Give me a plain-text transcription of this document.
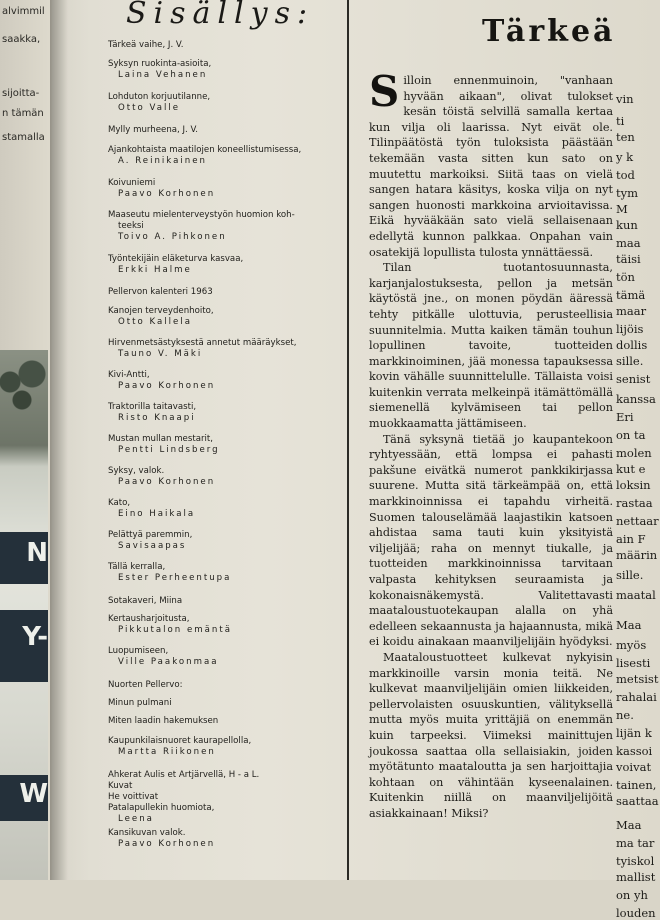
alvimmil
saakka,
sijoitta-
n tämän
stamalla
N
Y-
W
Sisällys:
Tärkeä vaihe, J. V.
Syksyn ruokinta-asioita,
Laina Vehanen
Lohduton korjuutilanne,
Otto Valle
Mylly murheena, J. V.
Ajankohtaista maatilojen koneellistumisessa,
A. Reinikainen
Koivuniemi
Paavo Korhonen
Maaseutu mielenterveystyön huomion koh-
teeksi
Toivo A. Pihkonen
Työntekijäin eläketurva kasvaa,
Erkki Halme
Pellervon kalenteri 1963
Kanojen terveydenhoito,
Otto Kallela
Hirvenmetsästyksestä annetut määräykset,
Tauno V. Mäki
Kivi-Antti,
Paavo Korhonen
Traktorilla taitavasti,
Risto Knaapi
Mustan mullan mestarit,
Pentti Lindsberg
Syksy, valok.
Paavo Korhonen
Kato,
Eino Haikala
Pelättyä paremmin,
Savisaapas
Tällä kerralla,
Ester Perheentupa
Sotakaveri, Miina
Kertausharjoitusta,
Pikkutalon emäntä
Luopumiseen,
Ville Paakonmaa
Nuorten Pellervo:
Minun pulmani
Miten laadin hakemuksen
Kaupunkilaisnuoret kaurapellolla,
Martta Riikonen
Ahkerat Aulis et Artjärvellä, H - a L.
Kuvat
He voittivat
Patalapullekin huomiota,
Leena
Kansikuvan valok.
Paavo Korhonen
Tärkeä

Silloin ennenmuinoin, "vanhaan hyvään aikaan", olivat tulokset kesän töistä selvillä samalla kertaa kun vilja oli laarissa. Nyt eivät ole. Tilinpäätöstä työn tuloksista päästään tekemään vasta sitten kun sato on muutettu markoiksi. Siitä taas on vielä sangen hatara käsitys, koska vilja on nyt sangen huonosti markkoina arvioitavissa. Eikä hyvääkään sato vielä sellaisenaan edellytä kunnon palkkaa. Onpahan vain osatekijä lopullista tulosta ynnättäessä.

Tilan tuotantosuunnasta, karjanjalostuksesta, pellon ja metsän käytöstä jne., on monen pöydän ääressä tehty pitkälle ulottuvia, perusteellisia suunnitelmia. Mutta kaiken tämän touhun lopullinen tavoite, tuotteiden markkinoiminen, jää monessa tapauksessa kovin vähälle suunnittelulle. Tällaista voisi kuitenkin verrata melkeinpä itämättömällä siemenellä kylvämiseen tai pellon muokkaamatta jättämiseen.

Tänä syksynä tietää jo kaupantekoon ryhtyessään, että lompsa ei pahasti pakšune eivätkä numerot pankkikirjassa suurene. Mutta sitä tärkeämpää on, että markkinoinnissa ei tapahdu virheitä. Suomen talouselämää laajastikin katsoen ahdistaa sama tauti kuin yksityistä viljelijää; raha on mennyt tiukalle, ja tuotteiden markkinoinnissa tarvitaan valpasta kehityksen seuraamista ja kokonaisnäkemystä. Valitettavasti maataloustuotekaupan alalla on yhä edelleen sekaannusta ja hajaannusta, mikä ei koidu ainakaan maanviljelijäin hyödyksi.

Maataloustuotteet kulkevat nykyisin markkinoille varsin monia teitä. Ne kulkevat maanviljelijäin omien liikkeiden, pellervolaisten osuuskuntien, välityksellä mutta myös muita yrittäjiä on enemmän kuin tarpeeksi. Viimeksi mainittujen joukossa saattaa olla sellaisiakin, joiden myötätunto maataloutta ja sen harjoittajia kohtaan on vähintään kyseenalainen. Kuitenkin niillä on maanviljelijöitä asiakkainaan! Miksi?

vin
ti
ten
y k
tod
tym
M
kun
maa
täisi
tön
tämä
maar
lijöis
dollis
sille.
senist
kanssa
Eri
on ta
molen
kut e
loksin
rastaa
nettaar
ain F
määrin
sille.
maatal
Maa
myös
lisesti
metsist
rahalai
ne.
lijän k
kassoi
voivat
tainen,
saattaa
Maa
ma tar
tyiskol
mallist
on yh
louden
